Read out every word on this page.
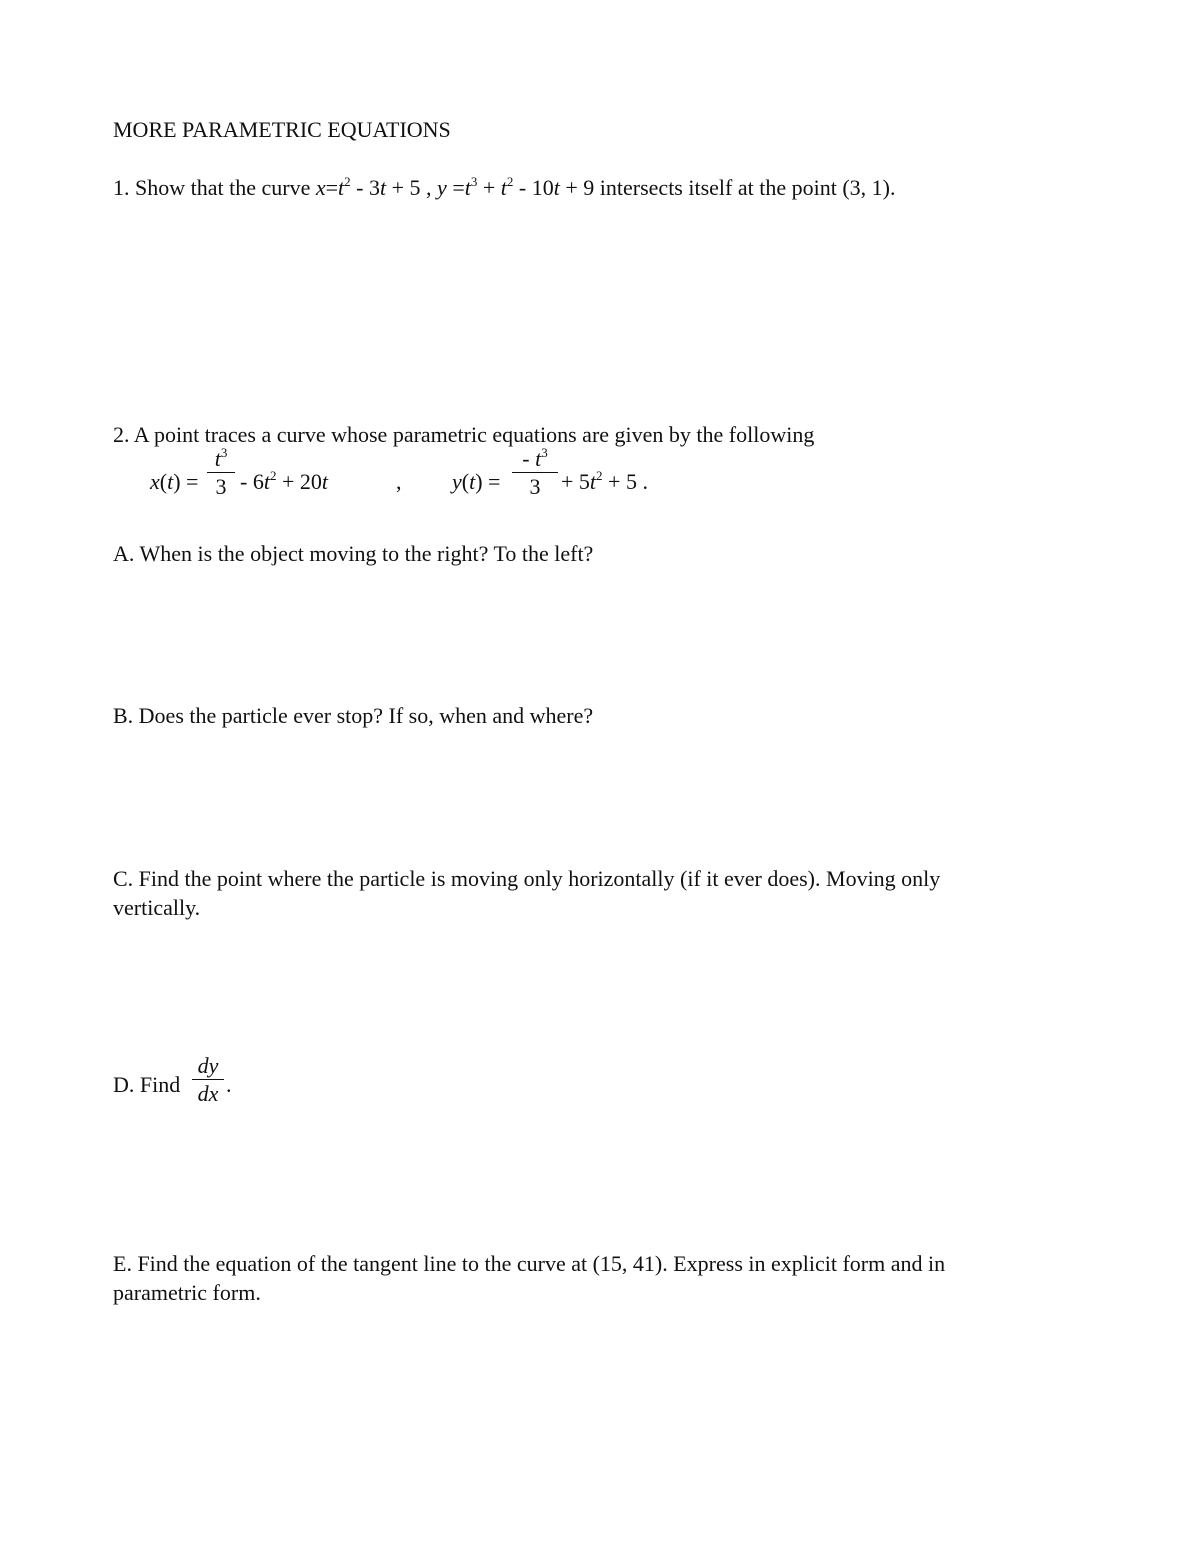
MORE PARAMETRIC EQUATIONS
1. Show that the curve $x=t^2 - 3t + 5$ , $y =t^3 + t^2 - 10t + 9$ intersects itself at the point (3, 1).
2. A point traces a curve whose parametric equations are given by the following
x(t) =
$t^3$
$3 - 6t^2 + 20t$	, y(t) =
- $t^3$
$3 + 5t^2 + 5$ .
A. When is the object moving to the right? To the left?
B. Does the particle ever stop? If so, when and where?
C. Find the point where the particle is moving only horizontally (if it ever does). Moving only vertically.
D. Find
dy
dx .
E. Find the equation of the tangent line to the curve at (15, 41). Express in explicit form and in parametric form.
